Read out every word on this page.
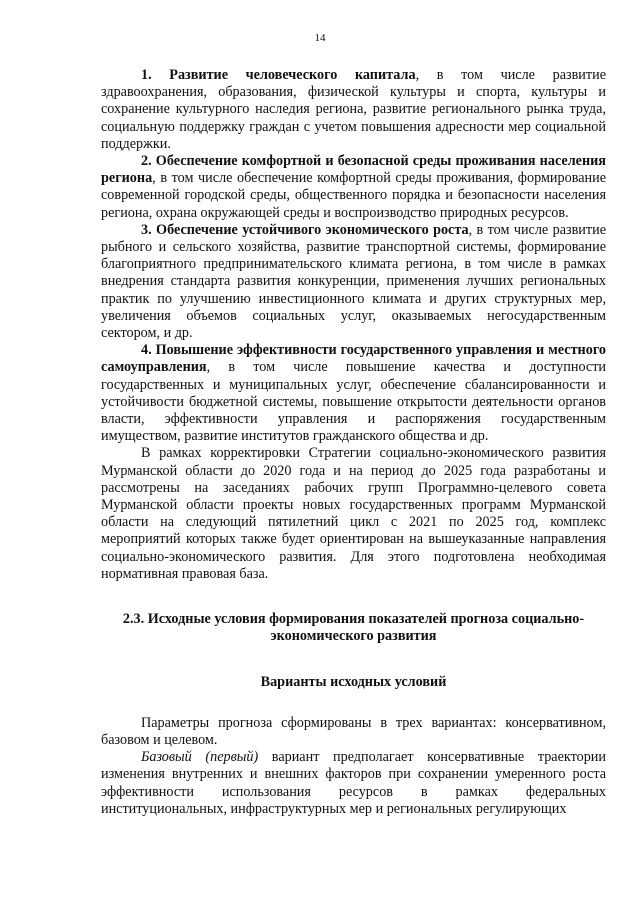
14

1. Развитие человеческого капитала, в том числе развитие здравоохранения, образования, физической культуры и спорта, культуры и сохранение культурного наследия региона, развитие регионального рынка труда, социальную поддержку граждан с учетом повышения адресности мер социальной поддержки.

2. Обеспечение комфортной и безопасной среды проживания населения региона, в том числе обеспечение комфортной среды проживания, формирование современной городской среды, общественного порядка и безопасности населения региона, охрана окружающей среды и воспроизводство природных ресурсов.

3. Обеспечение устойчивого экономического роста, в том числе развитие рыбного и сельского хозяйства, развитие транспортной системы, формирование благоприятного предпринимательского климата региона, в том числе в рамках внедрения стандарта развития конкуренции, применения лучших региональных практик по улучшению инвестиционного климата и других структурных мер, увеличения объемов социальных услуг, оказываемых негосударственным сектором, и др.

4. Повышение эффективности государственного управления и местного самоуправления, в том числе повышение качества и доступности государственных и муниципальных услуг, обеспечение сбалансированности и устойчивости бюджетной системы, повышение открытости деятельности органов власти, эффективности управления и распоряжения государственным имуществом, развитие институтов гражданского общества и др.

В рамках корректировки Стратегии социально-экономического развития Мурманской области до 2020 года и на период до 2025 года разработаны и рассмотрены на заседаниях рабочих групп Программно-целевого совета Мурманской области проекты новых государственных программ Мурманской области на следующий пятилетний цикл с 2021 по 2025 год, комплекс мероприятий которых также будет ориентирован на вышеуказанные направления социально-экономического развития. Для этого подготовлена необходимая нормативная правовая база.

2.3. Исходные условия формирования показателей прогноза социально-экономического развития
Варианты исходных условий

Параметры прогноза сформированы в трех вариантах: консервативном, базовом и целевом.

Базовый (первый) вариант предполагает консервативные траектории изменения внутренних и внешних факторов при сохранении умеренного роста эффективности использования ресурсов в рамках федеральных институциональных, инфраструктурных мер и региональных регулирующих
